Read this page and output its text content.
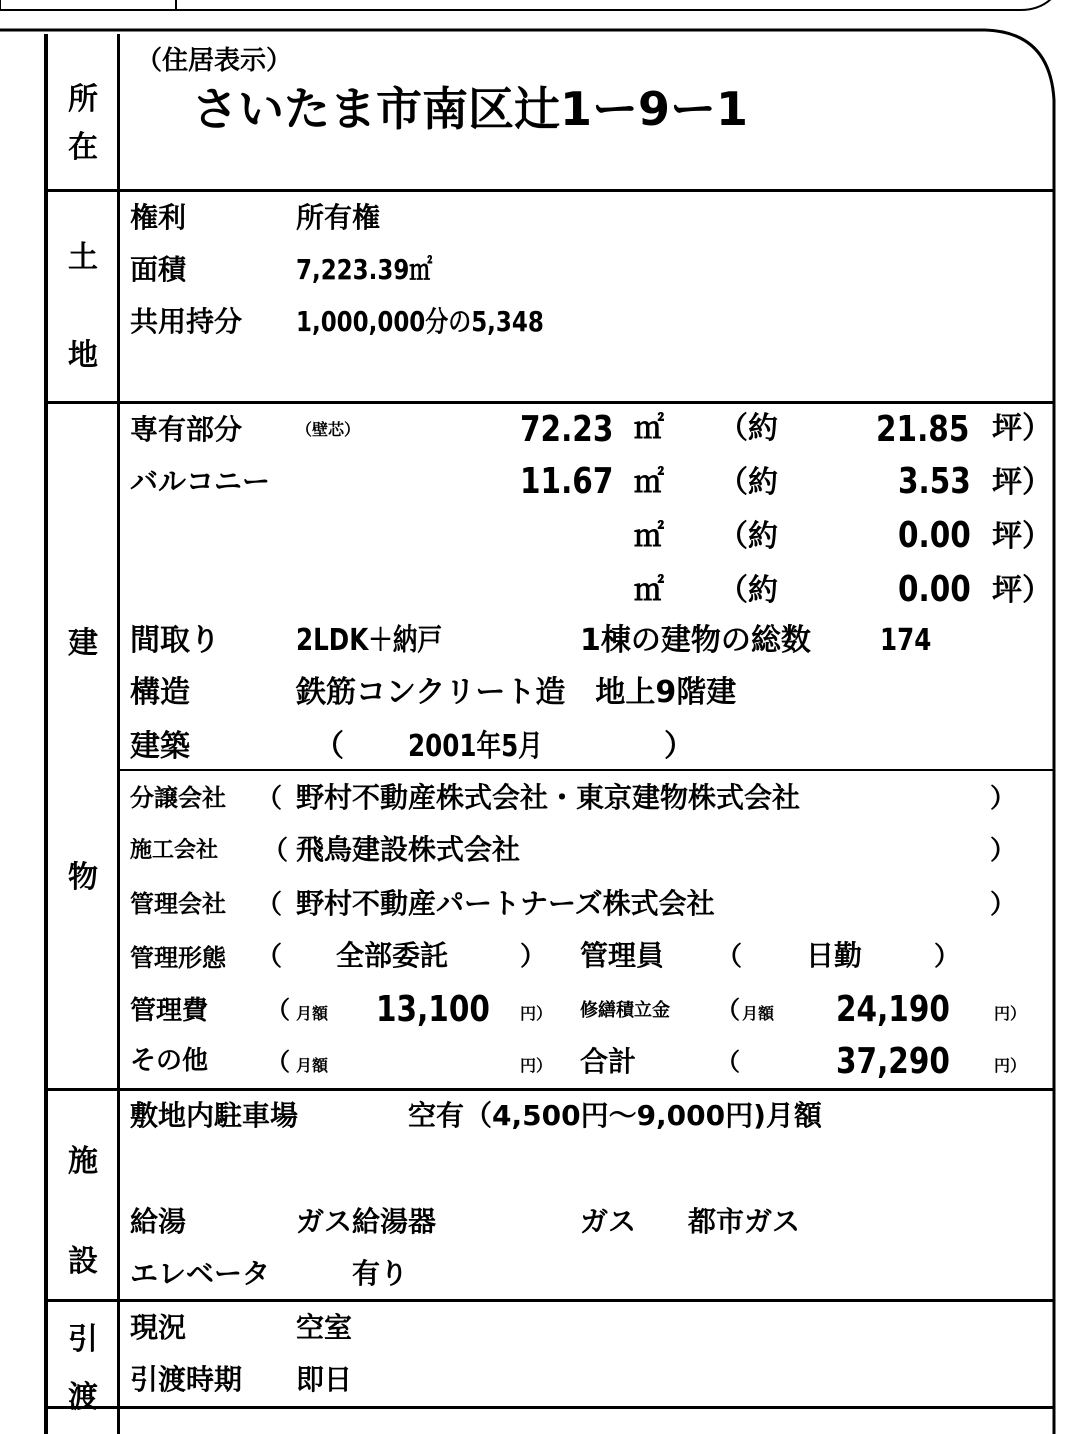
所
在
（住居表示）
さいたま市南区辻1ー9ー1
土
地
権利	所有権
面積	7,223.39㎡
共用持分 1,000,000分の5,348
建
物
専有部分	（壁芯）	72.23 ㎡ （約	21.85 坪）
バルコニー	11.67 ㎡ （約	3.53 坪）
㎡ （約	0.00 坪）
㎡ （約	0.00 坪）
間取り	2LDK＋納戸	1棟の建物の総数 174
構造	鉄筋コンクリート造　地上9階建
建築	（ 2001年5月	）
分譲会社 （ 野村不動産株式会社・東京建物株式会社	）
施工会社 （ 飛鳥建設株式会社	）
管理会社 （ 野村不動産パートナーズ株式会社	）
管理形態 （ 全部委託	） 管理員 （ 日勤	）
管理費 （ 月額 13,100 円） 修繕積立金 （ 月額 24,190	円）
その他 （ 月額	円） 合計	（	37,290	円）
施
設
敷地内駐車場	空有（4,500円～9,000円)月額
給湯	ガス給湯器	ガス 都市ガス
エレベータ	有り
引
渡
現況	空室
引渡時期 即日
